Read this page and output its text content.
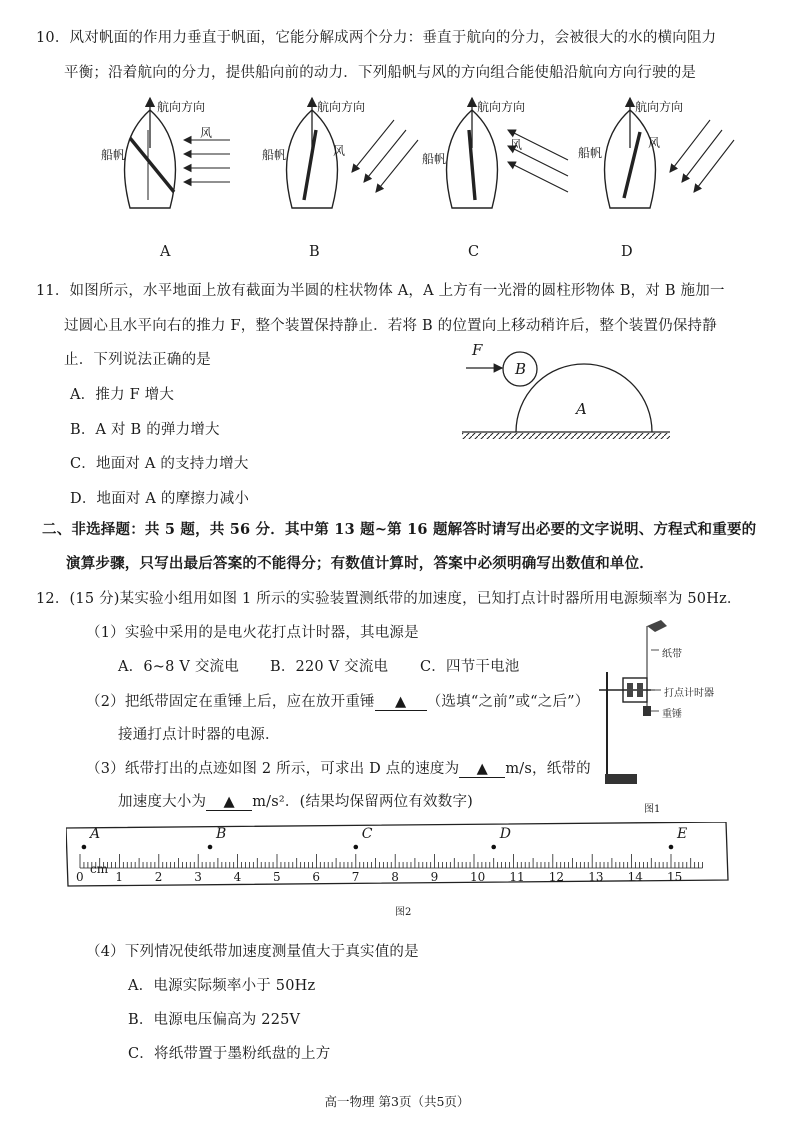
10．风对帆面的作用力垂直于帆面，它能分解成两个分力：垂直于航向的分力，会被很大的水的横向阻力
平衡；沿着航向的分力，提供船向前的动力．下列船帆与风的方向组合能使船沿航向方向行驶的是
航向方向	航向方向	航向方向	航向方向
风
风	风	风
船帆	船帆	船帆	船帆
A	B	C	D
11．如图所示，水平地面上放有截面为半圆的柱状物体 A，A 上方有一光滑的圆柱形物体 B，对 B 施加一
过圆心且水平向右的推力 F，整个装置保持静止．若将 B 的位置向上移动稍许后，整个装置仍保持静
止．下列说法正确的是
A．推力 F 增大
B．A 对 B 的弹力增大
C．地面对 A 的支持力增大
D．地面对 A 的摩擦力减小
F
B
A
二、非选择题：共 5 题，共 56 分．其中第 13 题~第 16 题解答时请写出必要的文字说明、方程式和重要的
演算步骤，只写出最后答案的不能得分；有数值计算时，答案中必须明确写出数值和单位．
12．(15 分)某实验小组用如图 1 所示的实验装置测纸带的加速度，已知打点计时器所用电源频率为 50Hz．
（1）实验中采用的是电火花打点计时器，其电源是
A．6~8 V 交流电 B．220 V 交流电 C．四节干电池
（2）把纸带固定在重锤上后，应在放开重锤 ▲ （选填“之前”或“之后”）
接通打点计时器的电源．
（3）纸带打出的点迹如图 2 所示，可求出 D 点的速度为 ▲ m/s，纸带的
加速度大小为 ▲ m/s²．(结果均保留两位有效数字)
纸带
打点计时器
重锤
图1
0	1	2	3	4	5	6	7	8	9	10 11 12 13 14 15
A	B	C	D	E
cm
图2
（4）下列情况使纸带加速度测量值大于真实值的是
A．电源实际频率小于 50Hz
B．电源电压偏高为 225V
C．将纸带置于墨粉纸盘的上方
高一物理 第3页（共5页）
